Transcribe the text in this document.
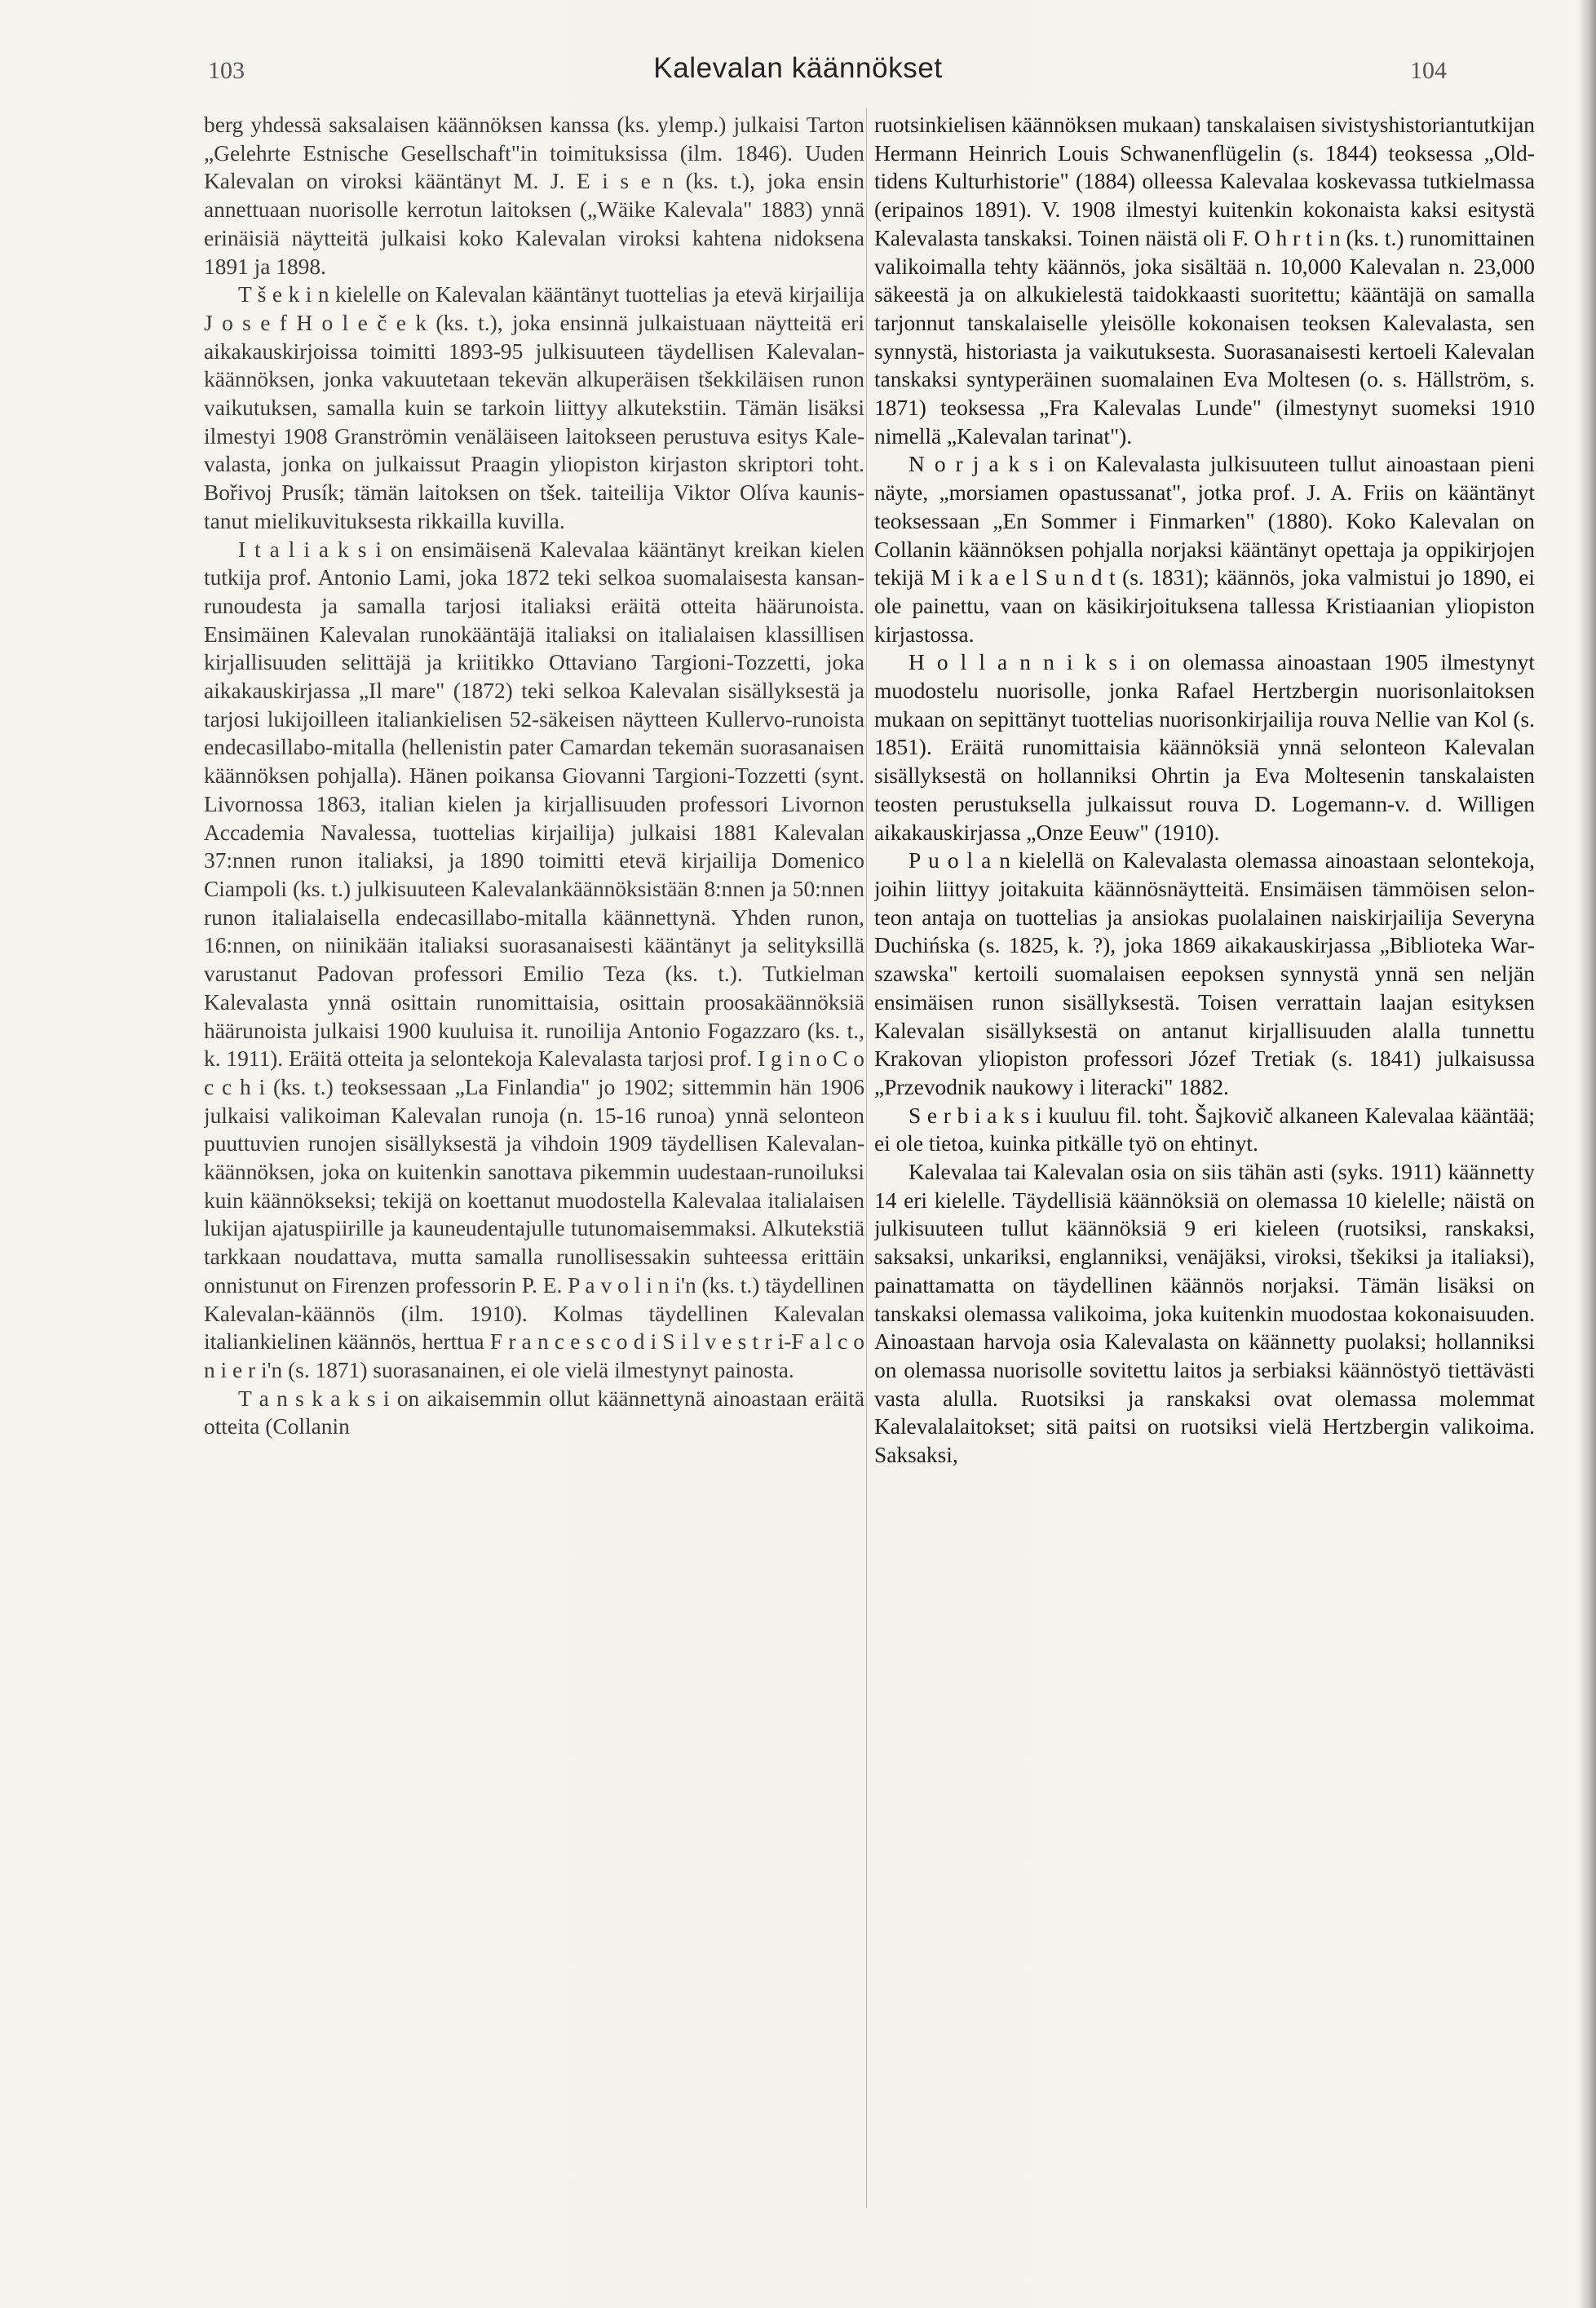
103	Kalevalan käännökset	104

berg yhdessä saksalaisen käännöksen kanssa (ks. ylemp.) julkaisi Tarton „Gelehrte Estnische Gesellschaft"in toimituksissa (ilm. 1846). Uuden Kalevalan on viroksi kääntänyt M. J. E i s e n (ks. t.), joka ensin annettuaan nuorisolle kerrotun laitoksen („Wäike Kalevala" 1883) ynnä erinäisiä näytteitä julkaisi koko Kalevalan viroksi kahtena nidoksena 1891 ja 1898.

T š e k i n kielelle on Kalevalan kääntänyt tuottelias ja etevä kirjailija J o s e f H o l e č e k (ks. t.), joka ensinnä julkaistuaan näytteitä eri aikakauskirjoissa toimitti 1893-95 julkisuuteen täydellisen Kalevalan-käännöksen, jonka vakuutetaan tekevän alkuperäisen tšekkiläisen runon vaikutuksen, samalla kuin se tarkoin liittyy alkutekstiin. Tämän lisäksi ilmestyi 1908 Granströmin venäläiseen laitokseen perustuva esitys Kalevalasta, jonka on julkaissut Praagin yliopiston kirjaston skriptori toht. Bořivoj Prusík; tämän laitoksen on tšek. taiteilija Viktor Olíva kaunistanut mielikuvituksesta rikkailla kuvilla.

I t a l i a k s i on ensimäisenä Kalevalaa kääntänyt kreikan kielen tutkija prof. Antonio Lami, joka 1872 teki selkoa suomalaisesta kansanrunoudesta ja samalla tarjosi italiaksi eräitä otteita häärunoista. Ensimäinen Kalevalan runokääntäjä italiaksi on italialaisen klassillisen kirjallisuuden selittäjä ja kriitikko Ottaviano Targioni-Tozzetti, joka aikakauskirjassa „Il mare" (1872) teki selkoa Kalevalan sisällyksestä ja tarjosi lukijoilleen italiankielisen 52-säkeisen näytteen Kullervo-runoista endecasillabo-mitalla (hellenistin pater Camardan tekemän suorasanaisen käännöksen pohjalla). Hänen poikansa Giovanni Targioni-Tozzetti (synt. Livornossa 1863, italian kielen ja kirjallisuuden professori Livornon Accademia Navalessa, tuottelias kirjailija) julkaisi 1881 Kalevalan 37:nnen runon italiaksi, ja 1890 toimitti etevä kirjailija Domenico Ciampoli (ks. t.) julkisuuteen Kalevalankäännöksistään 8:nnen ja 50:nnen runon italialaisella endecasillabo-mitalla käännettynä. Yhden runon, 16:nnen, on niinikään italiaksi suorasanaisesti kääntänyt ja selityksillä varustanut Padovan professori Emilio Teza (ks. t.). Tutkielman Kalevalasta ynnä osittain runomittaisia, osittain proosakäännöksiä häärunoista julkaisi 1900 kuuluisa it. runoilija Antonio Fogazzaro (ks. t., k. 1911). Eräitä otteita ja selontekoja Kalevalasta tarjosi prof. I g i n o C o c c h i (ks. t.) teoksessaan „La Finlandia" jo 1902; sittemmin hän 1906 julkaisi valikoiman Kalevalan runoja (n. 15-16 runoa) ynnä selonteon puuttuvien runojen sisällyksestä ja vihdoin 1909 täydellisen Kalevalan-käännöksen, joka on kuitenkin sanottava pikemmin uudestaan-runoiluksi kuin käännökseksi; tekijä on koettanut muodostella Kalevalaa italialaisen lukijan ajatuspiirille ja kauneudentajulle tutunomaisemmaksi. Alkutekstiä tarkkaan noudattava, mutta samalla runollisessakin suhteessa erittäin onnistunut on Firenzen professorin P. E. P a v o l i n i'n (ks. t.) täydellinen Kalevalan-käännös (ilm. 1910). Kolmas täydellinen Kalevalan italiankielinen käännös, herttua F r a n c e s c o d i S i l v e s t r i-F a l c o n i e r i'n (s. 1871) suorasanainen, ei ole vielä ilmestynyt painosta.

T a n s k a k s i on aikaisemmin ollut käännettynä ainoastaan eräitä otteita (Collanin

ruotsinkielisen käännöksen mukaan) tanskalaisen sivistyshistoriantutkijan Hermann Heinrich Louis Schwanenflügelin (s. 1844) teoksessa „Oldtidens Kulturhistorie" (1884) olleessa Kalevalaa koskevassa tutkielmassa (eripainos 1891). V. 1908 ilmestyi kuitenkin kokonaista kaksi esitystä Kalevalasta tanskaksi. Toinen näistä oli F. O h r t i n (ks. t.) runomittainen valikoimalla tehty käännös, joka sisältää n. 10,000 Kalevalan n. 23,000 säkeestä ja on alkukielestä taidokkaasti suoritettu; kääntäjä on samalla tarjonnut tanskalaiselle yleisölle kokonaisen teoksen Kalevalasta, sen synnystä, historiasta ja vaikutuksesta. Suorasanaisesti kertoeli Kalevalan tanskaksi syntyperäinen suomalainen Eva Moltesen (o. s. Hällström, s. 1871) teoksessa „Fra Kalevalas Lunde" (ilmestynyt suomeksi 1910 nimellä „Kalevalan tarinat").

N o r j a k s i on Kalevalasta julkisuuteen tullut ainoastaan pieni näyte, „morsiamen opastussanat", jotka prof. J. A. Friis on kääntänyt teoksessaan „En Sommer i Finmarken" (1880). Koko Kalevalan on Collanin käännöksen pohjalla norjaksi kääntänyt opettaja ja oppikirjojen tekijä M i k a e l S u n d t (s. 1831); käännös, joka valmistui jo 1890, ei ole painettu, vaan on käsikirjoituksena tallessa Kristiaanian yliopiston kirjastossa.

H o l l a n n i k s i on olemassa ainoastaan 1905 ilmestynyt muodostelu nuorisolle, jonka Rafael Hertzbergin nuorisonlaitoksen mukaan on sepittänyt tuottelias nuorisonkirjailija rouva Nellie van Kol (s. 1851). Eräitä runomittaisia käännöksiä ynnä selonteon Kalevalan sisällyksestä on hollanniksi Ohrtin ja Eva Moltesenin tanskalaisten teosten perustuksella julkaissut rouva D. Logemann-v. d. Willigen aikakauskirjassa „Onze Eeuw" (1910).

P u o l a n kielellä on Kalevalasta olemassa ainoastaan selontekoja, joihin liittyy joitakuita käännösnäytteitä. Ensimäisen tämmöisen selonteon antaja on tuottelias ja ansiokas puolalainen naiskirjailija Severyna Duchińska (s. 1825, k. ?), joka 1869 aikakauskirjassa „Biblioteka Warszawska" kertoili suomalaisen eepoksen synnystä ynnä sen neljän ensimäisen runon sisällyksestä. Toisen verrattain laajan esityksen Kalevalan sisällyksestä on antanut kirjallisuuden alalla tunnettu Krakovan yliopiston professori Józef Tretiak (s. 1841) julkaisussa „Przevodnik naukowy i literacki" 1882.

S e r b i a k s i kuuluu fil. toht. Šajkovič alkaneen Kalevalaa kääntää; ei ole tietoa, kuinka pitkälle työ on ehtinyt.

Kalevalaa tai Kalevalan osia on siis tähän asti (syks. 1911) käännetty 14 eri kielelle. Täydellisiä käännöksiä on olemassa 10 kielelle; näistä on julkisuuteen tullut käännöksiä 9 eri kieleen (ruotsiksi, ranskaksi, saksaksi, unkariksi, englanniksi, venäjäksi, viroksi, tšekiksi ja italiaksi), painattamatta on täydellinen käännös norjaksi. Tämän lisäksi on tanskaksi olemassa valikoima, joka kuitenkin muodostaa kokonaisuuden. Ainoastaan harvoja osia Kalevalasta on käännetty puolaksi; hollanniksi on olemassa nuorisolle sovitettu laitos ja serbiaksi käännöstyö tiettävästi vasta alulla. Ruotsiksi ja ranskaksi ovat olemassa molemmat Kalevalalaitokset; sitä paitsi on ruotsiksi vielä Hertzbergin valikoima. Saksaksi,
